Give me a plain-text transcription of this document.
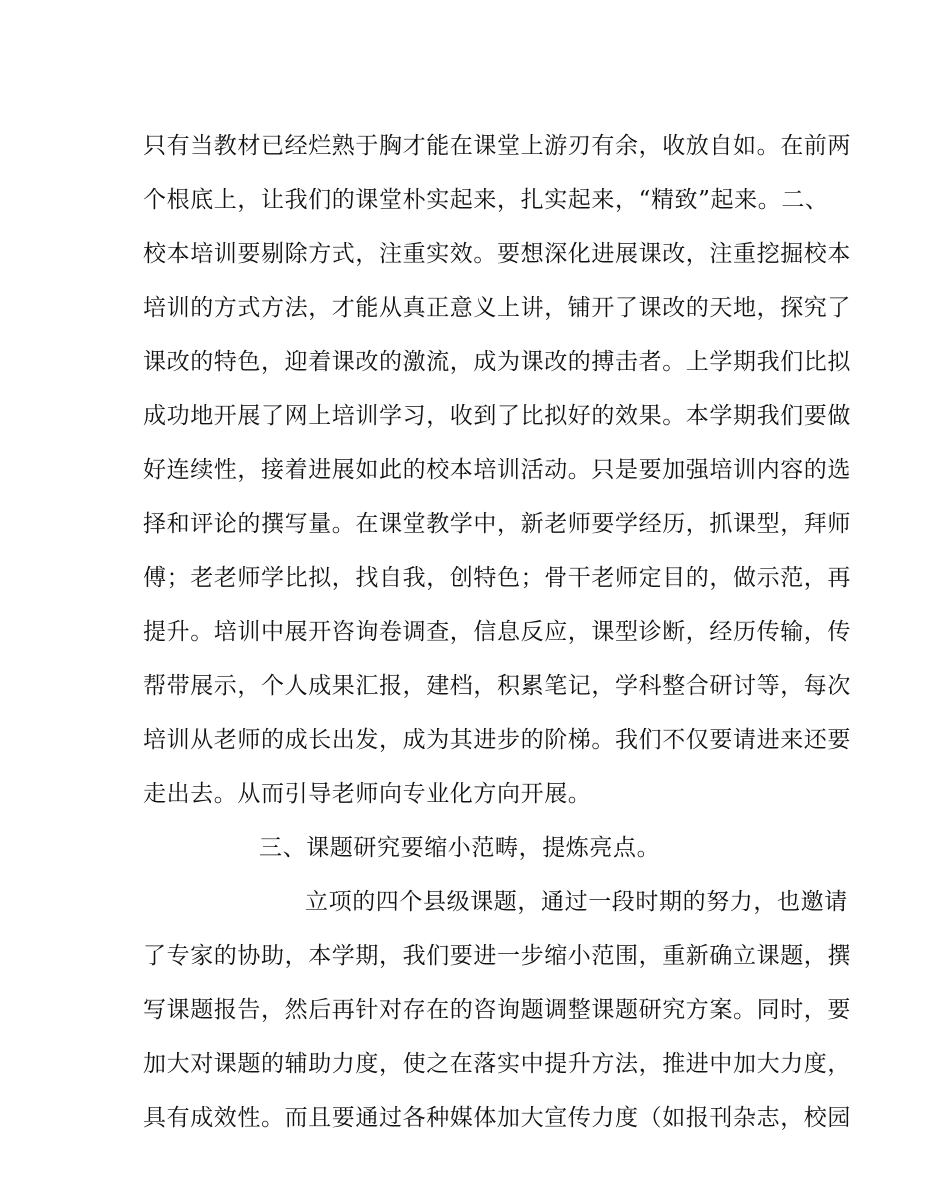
只有当教材已经烂熟于胸才能在课堂上游刃有余，收放自如。在前两
个根底上，让我们的课堂朴实起来，扎实起来，“精致”起来。二、
校本培训要剔除方式，注重实效。要想深化进展课改，注重挖掘校本
培训的方式方法，才能从真正意义上讲，铺开了课改的天地，探究了
课改的特色，迎着课改的激流，成为课改的搏击者。上学期我们比拟
成功地开展了网上培训学习，收到了比拟好的效果。本学期我们要做
好连续性，接着进展如此的校本培训活动。只是要加强培训内容的选
择和评论的撰写量。在课堂教学中，新老师要学经历，抓课型，拜师
傅；老老师学比拟，找自我，创特色；骨干老师定目的，做示范，再
提升。培训中展开咨询卷调查，信息反应，课型诊断，经历传输，传
帮带展示，个人成果汇报，建档，积累笔记，学科整合研讨等，每次
培训从老师的成长出发，成为其进步的阶梯。我们不仅要请进来还要
走出去。从而引导老师向专业化方向开展。
三、课题研究要缩小范畴，提炼亮点。
立项的四个县级课题，通过一段时期的努力，也邀请
了专家的协助，本学期，我们要进一步缩小范围，重新确立课题，撰
写课题报告，然后再针对存在的咨询题调整课题研究方案。同时，要
加大对课题的辅助力度，使之在落实中提升方法，推进中加大力度，
具有成效性。而且要通过各种媒体加大宣传力度（如报刊杂志，校园
